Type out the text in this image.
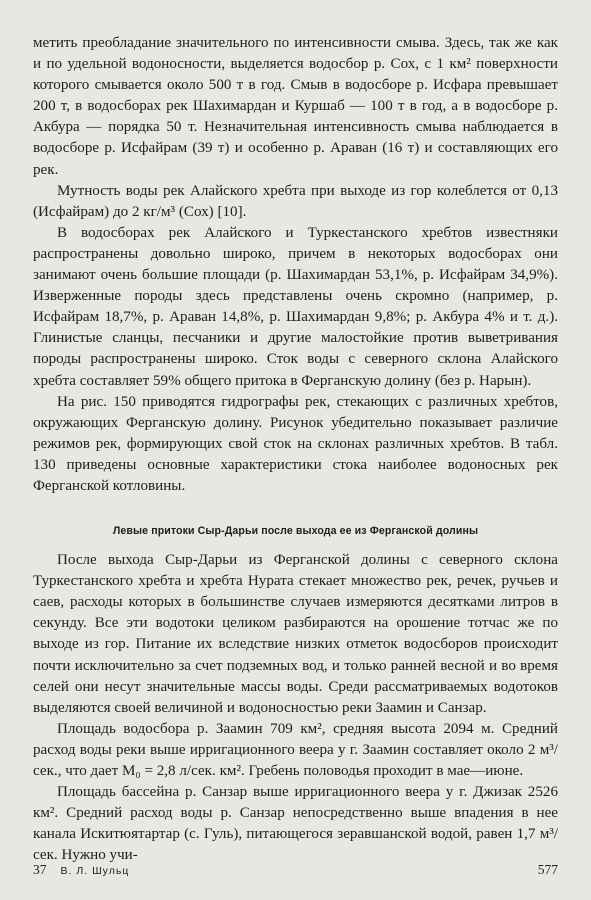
метить преобладание значительного по интенсивности смыва. Здесь, так же как и по удельной водоносности, выделяется водосбор р. Сох, с 1 км² поверхности которого смывается около 500 т в год. Смыв в водосборе р. Исфара превышает 200 т, в водосборах рек Шахимардан и Куршаб — 100 т в год, а в водосборе р. Акбура — порядка 50 т. Незначительная интенсивность смыва наблюдается в водосборе р. Исфайрам (39 т) и особенно р. Араван (16 т) и составляющих его рек.

Мутность воды рек Алайского хребта при выходе из гор колеблется от 0,13 (Исфайрам) до 2 кг/м³ (Сох) [10].

В водосборах рек Алайского и Туркестанского хребтов известняки распространены довольно широко, причем в некоторых водосборах они занимают очень большие площади (р. Шахимардан 53,1%, р. Исфайрам 34,9%). Изверженные породы здесь представлены очень скромно (например, р. Исфайрам 18,7%, р. Араван 14,8%, р. Шахимардан 9,8%; р. Акбура 4% и т. д.). Глинистые сланцы, песчаники и другие малостойкие против выветривания породы распространены широко. Сток воды с северного склона Алайского хребта составляет 59% общего притока в Ферганскую долину (без р. Нарын).

На рис. 150 приводятся гидрографы рек, стекающих с различных хребтов, окружающих Ферганскую долину. Рисунок убедительно показывает различие режимов рек, формирующих свой сток на склонах различных хребтов. В табл. 130 приведены основные характеристики стока наиболее водоносных рек Ферганской котловины.

Левые притоки Сыр-Дарьи после выхода ее из Ферганской долины

После выхода Сыр-Дарьи из Ферганской долины с северного склона Туркестанского хребта и хребта Нурата стекает множество рек, речек, ручьев и саев, расходы которых в большинстве случаев измеряются десятками литров в секунду. Все эти водотоки целиком разбираются на орошение тотчас же по выходе из гор. Питание их вследствие низких отметок водосборов происходит почти исключительно за счет подземных вод, и только ранней весной и во время селей они несут значительные массы воды. Среди рассматриваемых водотоков выделяются своей величиной и водоносностью реки Заамин и Санзар.

Площадь водосбора р. Заамин 709 км², средняя высота 2094 м. Средний расход воды реки выше ирригационного веера у г. Заамин составляет около 2 м³/сек., что дает M₀ = 2,8 л/сек. км². Гребень половодья проходит в мае—июне.

Площадь бассейна р. Санзар выше ирригационного веера у г. Джизак 2526 км². Средний расход воды р. Санзар непосредственно выше впадения в нее канала Искитюятартар (с. Гуль), питающегося зеравшанской водой, равен 1,7 м³/сек. Нужно учи-

37 В. Л. Шульц	577
